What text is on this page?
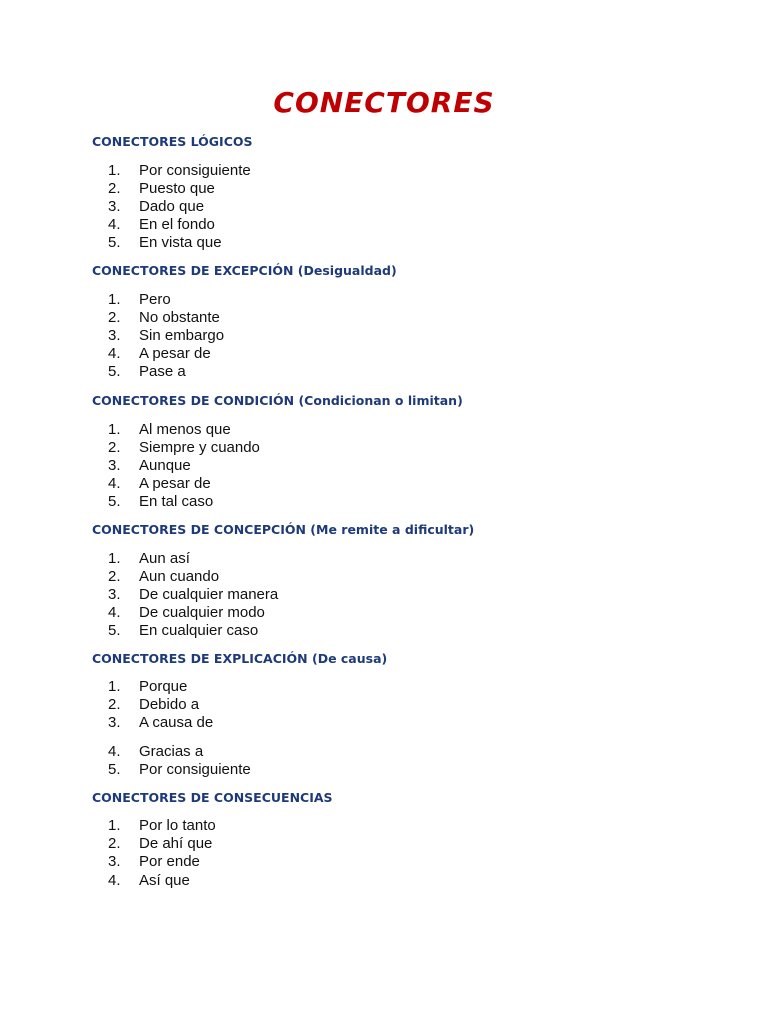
CONECTORES
CONECTORES LÓGICOS
1. Por consiguiente
2. Puesto que
3. Dado que
4. En el fondo
5. En vista que
CONECTORES DE EXCEPCIÓN (Desigualdad)
1. Pero
2. No obstante
3. Sin embargo
4. A pesar de
5. Pase a
CONECTORES DE CONDICIÓN (Condicionan o limitan)
1. Al menos que
2. Siempre y cuando
3. Aunque
4. A pesar de
5. En tal caso
CONECTORES DE CONCEPCIÓN (Me remite a dificultar)
1. Aun así
2. Aun cuando
3. De cualquier manera
4. De cualquier modo
5. En cualquier caso
CONECTORES DE EXPLICACIÓN (De causa)
1. Porque
2. Debido a
3. A causa de
4. Gracias a
5. Por consiguiente
CONECTORES DE CONSECUENCIAS
1. Por lo tanto
2. De ahí que
3. Por ende
4. Así que
